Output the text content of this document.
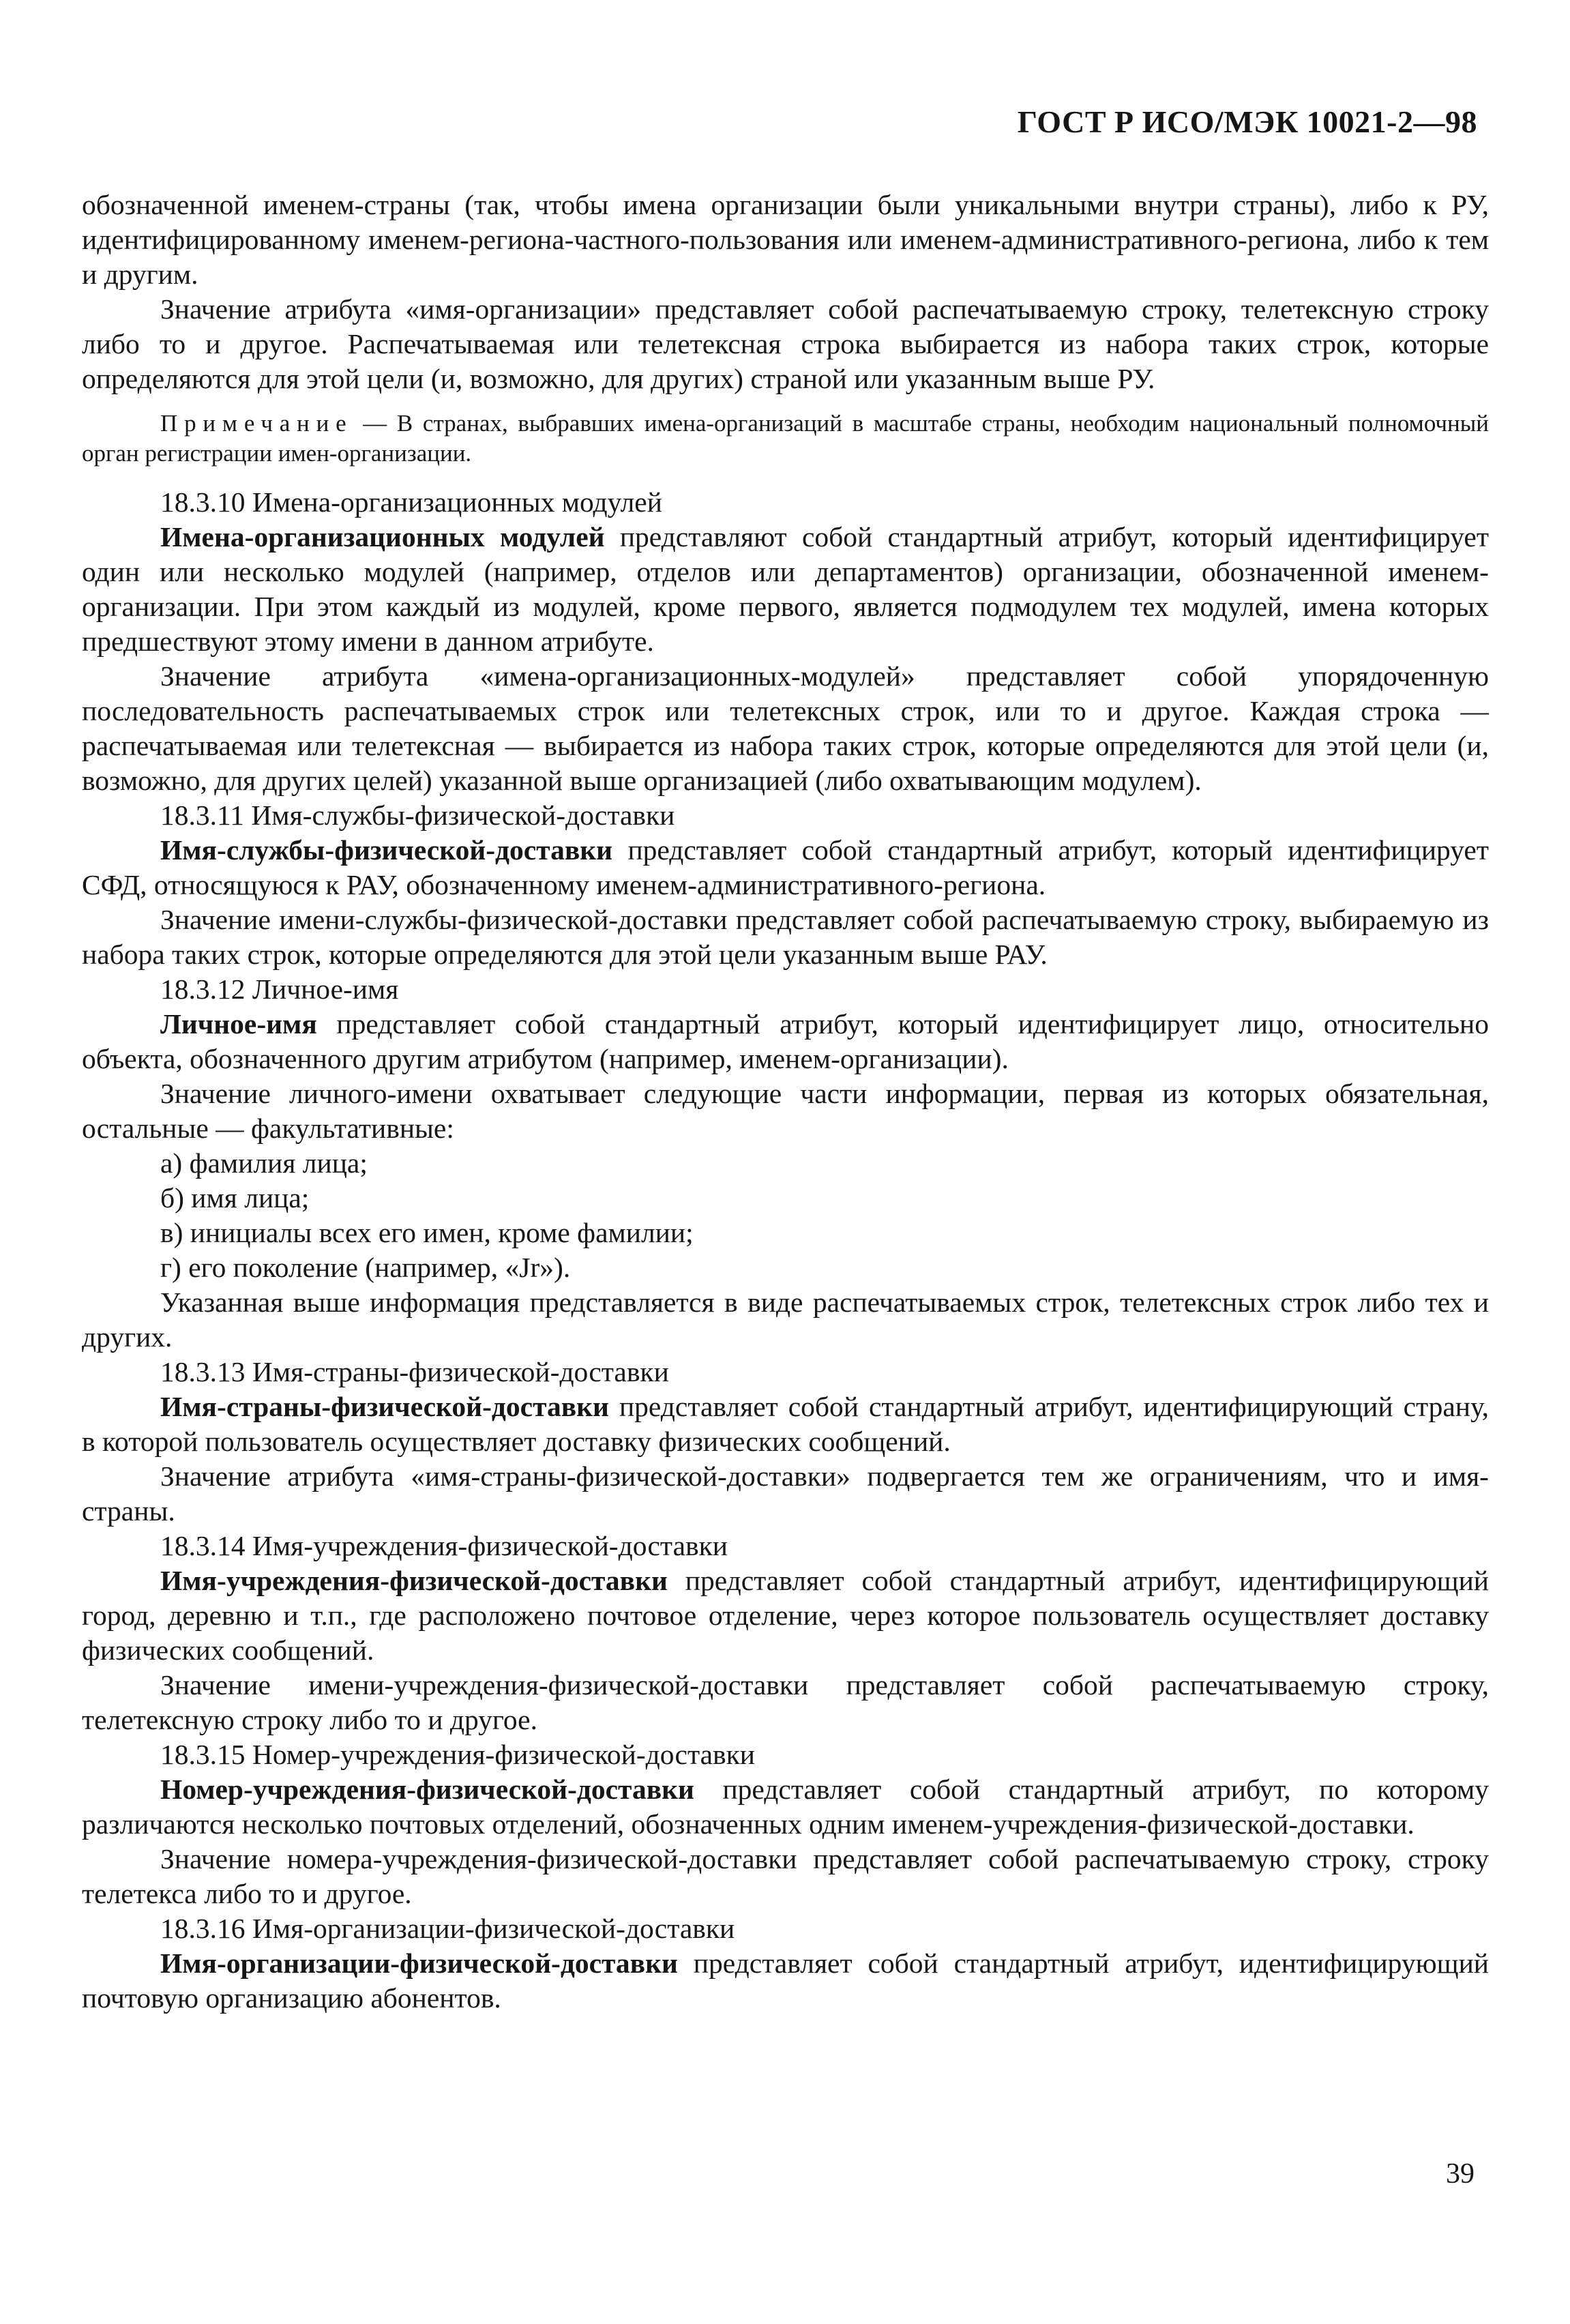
ГОСТ Р ИСО/МЭК 10021-2—98

обозначенной именем-страны (так, чтобы имена организации были уникальными внутри страны), либо к РУ, идентифицированному именем-региона-частного-пользования или именем-административного-региона, либо к тем и другим.

Значение атрибута «имя-организации» представляет собой распечатываемую строку, телетексную строку либо то и другое. Распечатываемая или телетексная строка выбирается из набора таких строк, которые определяются для этой цели (и, возможно, для других) страной или указанным выше РУ.

Примечание — В странах, выбравших имена-организаций в масштабе страны, необходим национальный полномочный орган регистрации имен-организации.

18.3.10 Имена-организационных модулей

Имена-организационных модулей представляют собой стандартный атрибут, который идентифицирует один или несколько модулей (например, отделов или департаментов) организации, обозначенной именем-организации. При этом каждый из модулей, кроме первого, является подмодулем тех модулей, имена которых предшествуют этому имени в данном атрибуте.

Значение атрибута «имена-организационных-модулей» представляет собой упорядоченную последовательность распечатываемых строк или телетексных строк, или то и другое. Каждая строка — распечатываемая или телетексная — выбирается из набора таких строк, которые определяются для этой цели (и, возможно, для других целей) указанной выше организацией (либо охватывающим модулем).

18.3.11 Имя-службы-физической-доставки

Имя-службы-физической-доставки представляет собой стандартный атрибут, который идентифицирует СФД, относящуюся к РАУ, обозначенному именем-административного-региона.

Значение имени-службы-физической-доставки представляет собой распечатываемую строку, выбираемую из набора таких строк, которые определяются для этой цели указанным выше РАУ.

18.3.12 Личное-имя

Личное-имя представляет собой стандартный атрибут, который идентифицирует лицо, относительно объекта, обозначенного другим атрибутом (например, именем-организации).

Значение личного-имени охватывает следующие части информации, первая из которых обязательная, остальные — факультативные:

а) фамилия лица;

б) имя лица;

в) инициалы всех его имен, кроме фамилии;

г) его поколение (например, «Jr»).

Указанная выше информация представляется в виде распечатываемых строк, телетексных строк либо тех и других.

18.3.13 Имя-страны-физической-доставки

Имя-страны-физической-доставки представляет собой стандартный атрибут, идентифицирующий страну, в которой пользователь осуществляет доставку физических сообщений.

Значение атрибута «имя-страны-физической-доставки» подвергается тем же ограничениям, что и имя-страны.

18.3.14 Имя-учреждения-физической-доставки

Имя-учреждения-физической-доставки представляет собой стандартный атрибут, идентифицирующий город, деревню и т.п., где расположено почтовое отделение, через которое пользователь осуществляет доставку физических сообщений.

Значение имени-учреждения-физической-доставки представляет собой распечатываемую строку, телетексную строку либо то и другое.

18.3.15 Номер-учреждения-физической-доставки

Номер-учреждения-физической-доставки представляет собой стандартный атрибут, по которому различаются несколько почтовых отделений, обозначенных одним именем-учреждения-физической-доставки.

Значение номера-учреждения-физической-доставки представляет собой распечатываемую строку, строку телетекса либо то и другое.

18.3.16 Имя-организации-физической-доставки

Имя-организации-физической-доставки представляет собой стандартный атрибут, идентифицирующий почтовую организацию абонентов.

39
